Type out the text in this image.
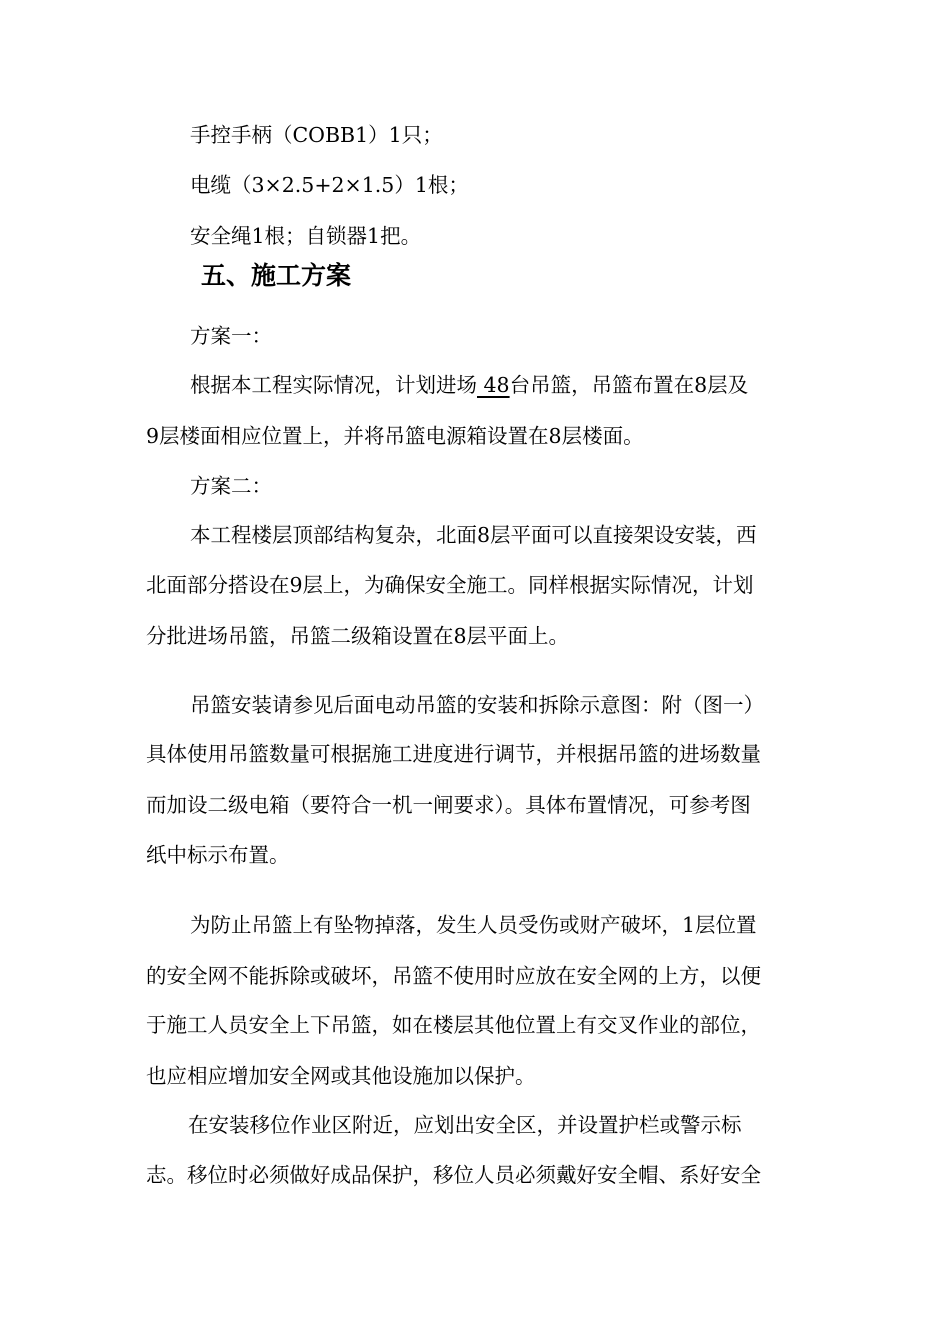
手控手柄（COBB1）1只；
电缆（3×2.5+2×1.5）1根；
安全绳1根；自锁器1把。
五、施工方案
方案一：
根据本工程实际情况，计划进场 48台吊篮，吊篮布置在8层及
9层楼面相应位置上，并将吊篮电源箱设置在8层楼面。
方案二：
本工程楼层顶部结构复杂，北面8层平面可以直接架设安装，西
北面部分搭设在9层上，为确保安全施工。同样根据实际情况，计划
分批进场吊篮，吊篮二级箱设置在8层平面上。
吊篮安装请参见后面电动吊篮的安装和拆除示意图：附（图一）
具体使用吊篮数量可根据施工进度进行调节，并根据吊篮的进场数量
而加设二级电箱（要符合一机一闸要求）。具体布置情况，可参考图
纸中标示布置。
为防止吊篮上有坠物掉落，发生人员受伤或财产破坏，1层位置
的安全网不能拆除或破坏，吊篮不使用时应放在安全网的上方，以便
于施工人员安全上下吊篮，如在楼层其他位置上有交叉作业的部位，
也应相应增加安全网或其他设施加以保护。
在安装移位作业区附近，应划出安全区，并设置护栏或警示标
志。移位时必须做好成品保护，移位人员必须戴好安全帽、系好安全
